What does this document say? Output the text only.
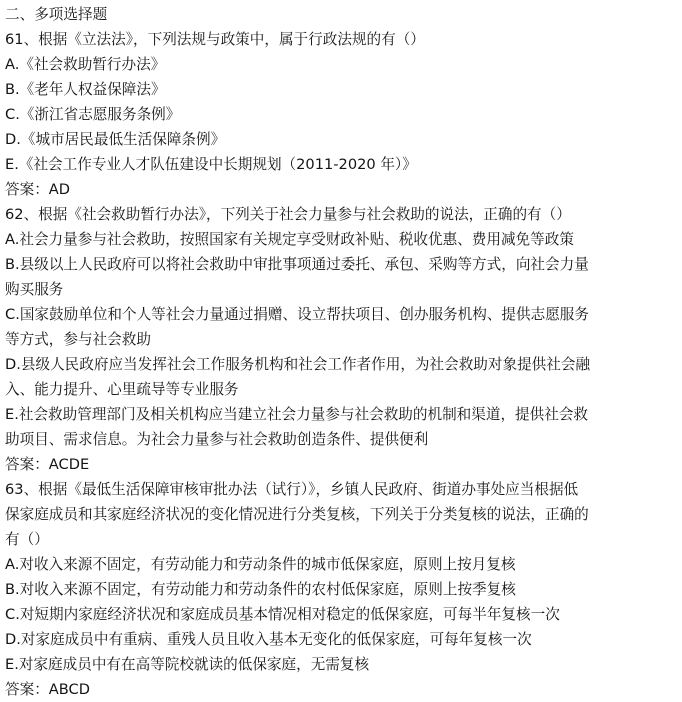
二、多项选择题
61、根据《立法法》，下列法规与政策中，属于行政法规的有（）
A.《社会救助暂行办法》
B.《老年人权益保障法》
C.《浙江省志愿服务条例》
D.《城市居民最低生活保障条例》
E.《社会工作专业人才队伍建设中长期规划（2011-2020 年）》
答案：AD
62、根据《社会救助暂行办法》，下列关于社会力量参与社会救助的说法，正确的有（）
A.社会力量参与社会救助，按照国家有关规定享受财政补贴、税收优惠、费用减免等政策
B.县级以上人民政府可以将社会救助中审批事项通过委托、承包、采购等方式，向社会力量
购买服务
C.国家鼓励单位和个人等社会力量通过捐赠、设立帮扶项目、创办服务机构、提供志愿服务
等方式，参与社会救助
D.县级人民政府应当发挥社会工作服务机构和社会工作者作用，为社会救助对象提供社会融
入、能力提升、心里疏导等专业服务
E.社会救助管理部门及相关机构应当建立社会力量参与社会救助的机制和渠道，提供社会救
助项目、需求信息。为社会力量参与社会救助创造条件、提供便利
答案：ACDE
63、根据《最低生活保障审核审批办法（试行）》，乡镇人民政府、街道办事处应当根据低
保家庭成员和其家庭经济状况的变化情况进行分类复核，下列关于分类复核的说法，正确的
有（）
A.对收入来源不固定，有劳动能力和劳动条件的城市低保家庭，原则上按月复核
B.对收入来源不固定，有劳动能力和劳动条件的农村低保家庭，原则上按季复核
C.对短期内家庭经济状况和家庭成员基本情况相对稳定的低保家庭，可每半年复核一次
D.对家庭成员中有重病、重残人员且收入基本无变化的低保家庭，可每年复核一次
E.对家庭成员中有在高等院校就读的低保家庭，无需复核
答案：ABCD
